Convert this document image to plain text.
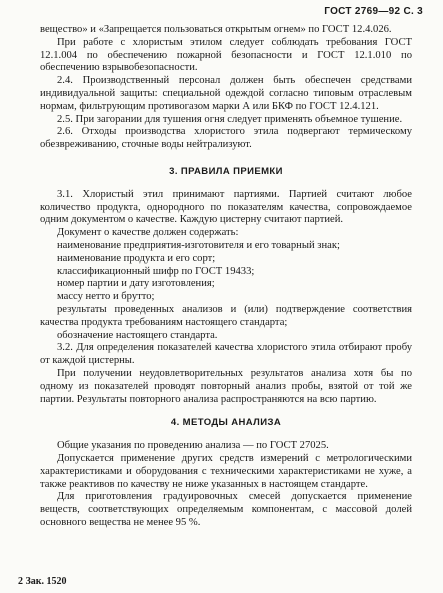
ГОСТ 2769—92 С. 3

вещество» и «Запрещается пользоваться открытым огнем» по ГОСТ 12.4.026.

При работе с хлористым этилом следует соблюдать требования ГОСТ 12.1.004 по обеспечению пожарной безопасности и ГОСТ 12.1.010 по обеспечению взрывобезопасности.

2.4. Производственный персонал должен быть обеспечен средствами индивидуальной защиты: специальной одеждой согласно типовым отраслевым нормам, фильтрующим противогазом марки А или БКФ по ГОСТ 12.4.121.

2.5. При загорании для тушения огня следует применять объемное тушение.

2.6. Отходы производства хлористого этила подвергают термическому обезвреживанию, сточные воды нейтрализуют.

3. ПРАВИЛА ПРИЕМКИ

3.1. Хлористый этил принимают партиями. Партией считают любое количество продукта, однородного по показателям качества, сопровождаемое одним документом о качестве. Каждую цистерну считают партией.

Документ о качестве должен содержать:

наименование предприятия-изготовителя и его товарный знак;

наименование продукта и его сорт;

классификационный шифр по ГОСТ 19433;

номер партии и дату изготовления;

массу нетто и брутто;

результаты проведенных анализов и (или) подтверждение соответствия качества продукта требованиям настоящего стандарта;

обозначение настоящего стандарта.

3.2. Для определения показателей качества хлористого этила отбирают пробу от каждой цистерны.

При получении неудовлетворительных результатов анализа хотя бы по одному из показателей проводят повторный анализ пробы, взятой от той же партии. Результаты повторного анализа распространяются на всю партию.

4. МЕТОДЫ АНАЛИЗА

Общие указания по проведению анализа — по ГОСТ 27025.

Допускается применение других средств измерений с метрологическими характеристиками и оборудования с техническими характеристиками не хуже, а также реактивов по качеству не ниже указанных в настоящем стандарте.

Для приготовления градуировочных смесей допускается применение веществ, соответствующих определяемым компонентам, с массовой долей основного вещества не менее 95 %.

2 Зак. 1520
